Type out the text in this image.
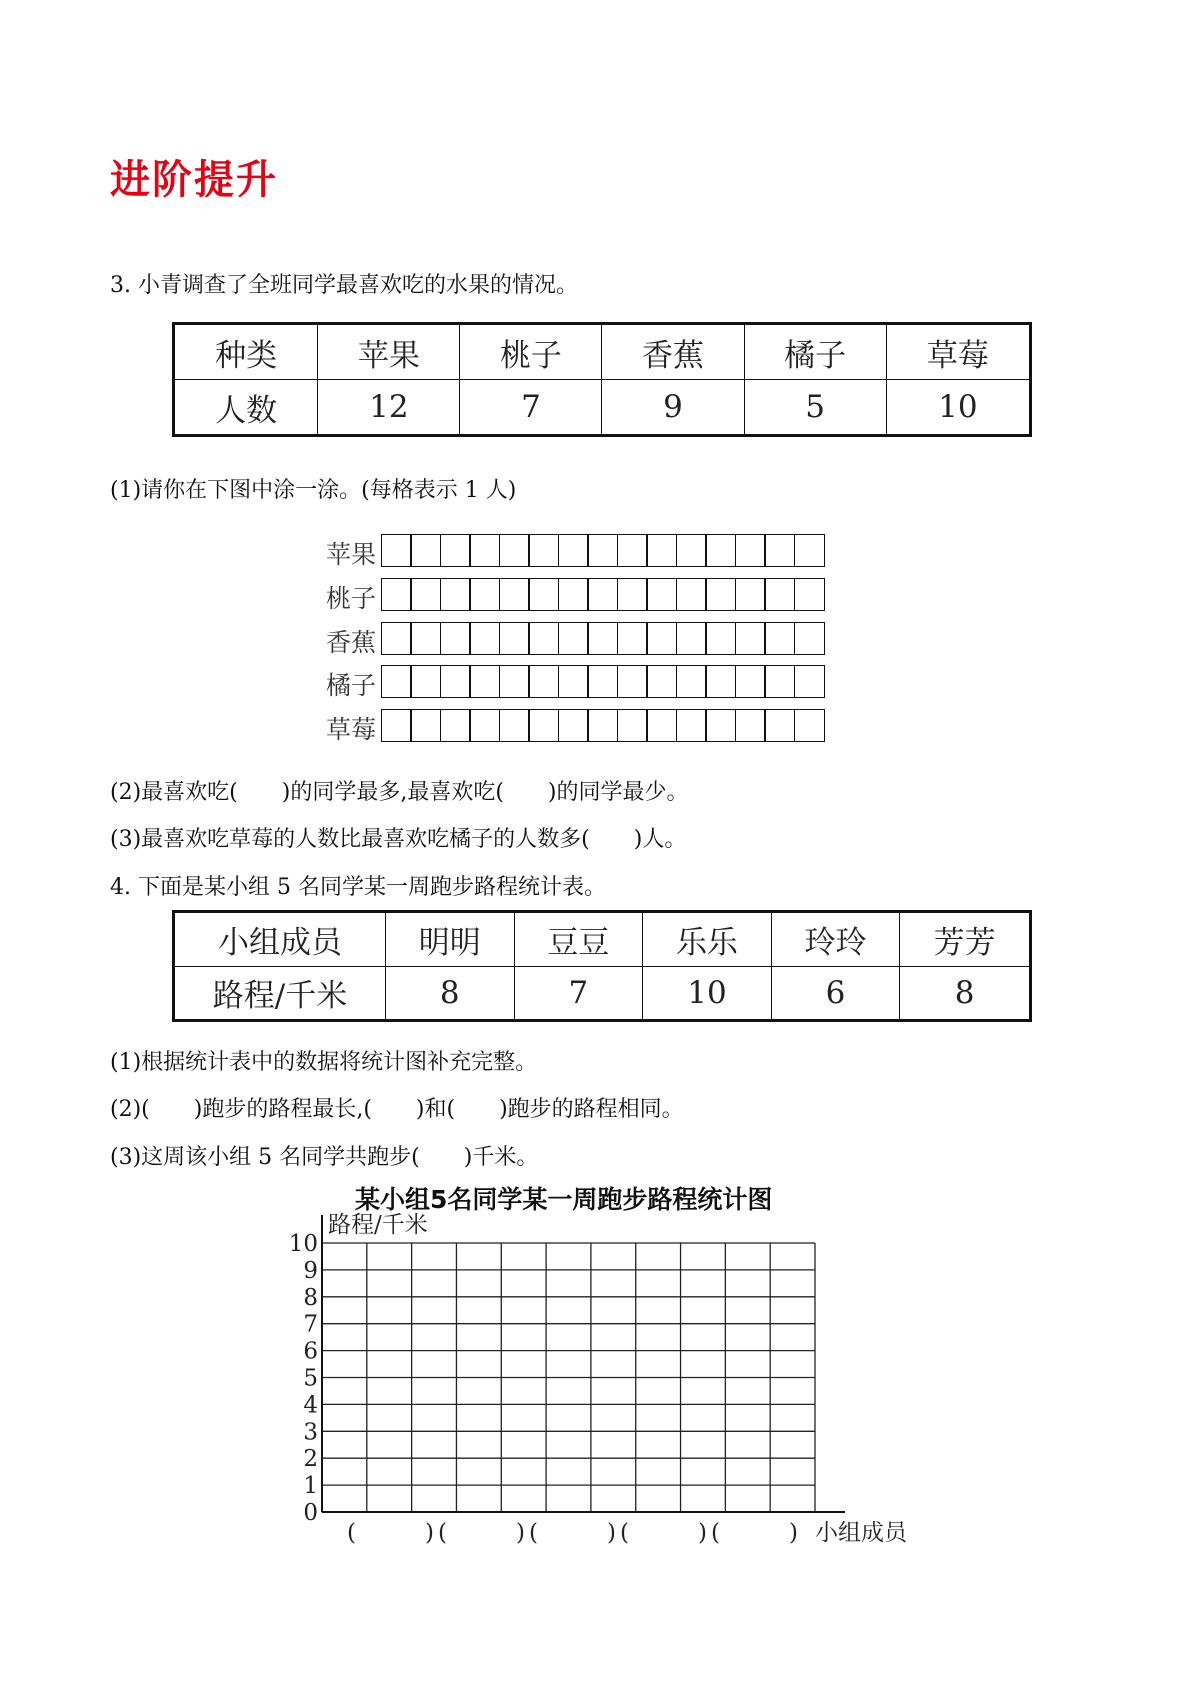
进阶提升
3. 小青调查了全班同学最喜欢吃的水果的情况。
种类	苹果	桃子	香蕉	橘子	草莓
人数	12	7	9	5	10
(1)请你在下图中涂一涂。(每格表示 1 人)
苹果
桃子
香蕉
橘子
草莓
(2)最喜欢吃(　　)的同学最多,最喜欢吃(　　)的同学最少。
(3)最喜欢吃草莓的人数比最喜欢吃橘子的人数多(　　)人。
4. 下面是某小组 5 名同学某一周跑步路程统计表。
小组成员	明明	豆豆	乐乐	玲玲	芳芳
路程/千米	8	7	10	6	8
(1)根据统计表中的数据将统计图补充完整。
(2)(　　)跑步的路程最长,(　　)和(　　)跑步的路程相同。
(3)这周该小组 5 名同学共跑步(　　)千米。
某小组5名同学某一周跑步路程统计图
0
1
2
3
4
5
6
7
8
9
10
(　　　) (　　　) (　　　) (　　　) (　　　)
路程/千米
小组成员
